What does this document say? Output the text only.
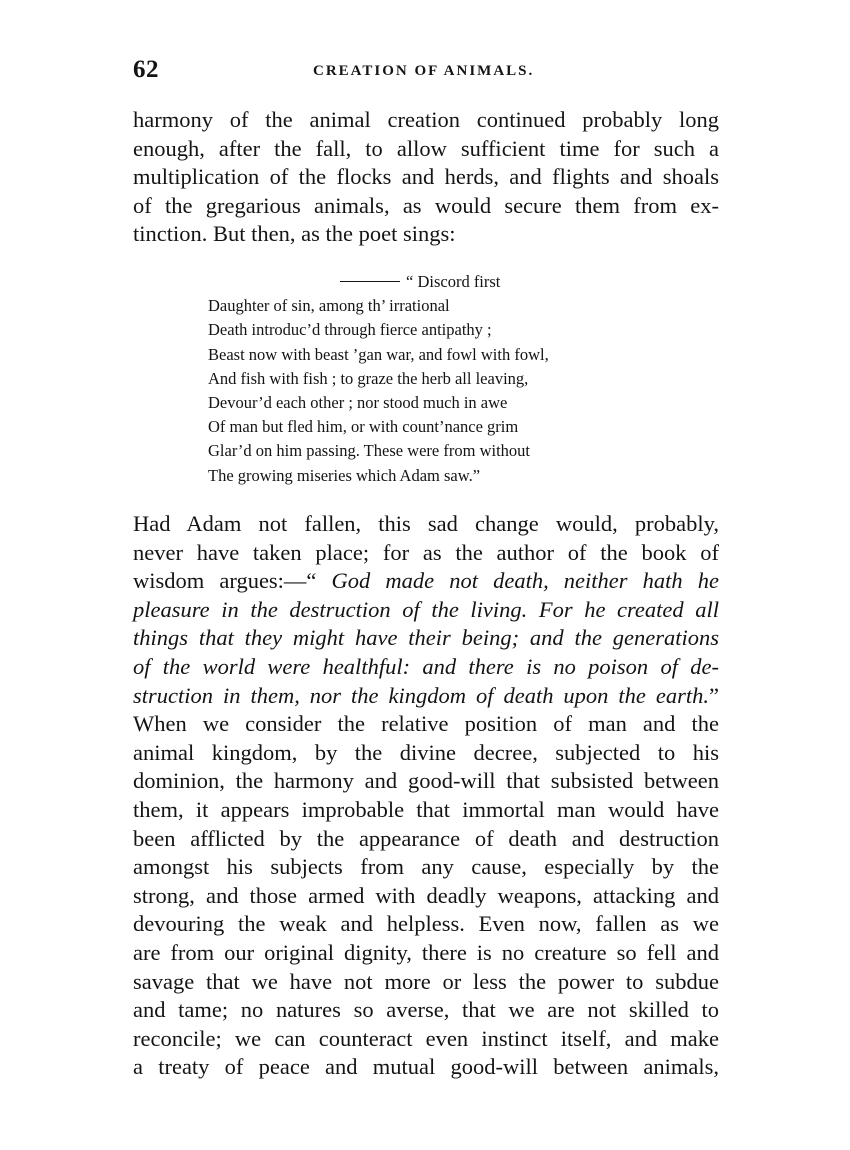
62	CREATION OF ANIMALS.
harmony of the animal creation continued probably long
enough, after the fall, to allow sufficient time for such a
multiplication of the flocks and herds, and flights and shoals
of the gregarious animals, as would secure them from ex-
tinction. But then, as the poet sings:
“ Discord first
Daughter of sin, among th’ irrational
Death introduc’d through fierce antipathy ;
Beast now with beast ’gan war, and fowl with fowl,
And fish with fish ; to graze the herb all leaving,
Devour’d each other ; nor stood much in awe
Of man but fled him, or with count’nance grim
Glar’d on him passing. These were from without
The growing miseries which Adam saw.”
Had Adam not fallen, this sad change would, probably,
never have taken place; for as the author of the book of
wisdom argues:—“ God made not death, neither hath he
pleasure in the destruction of the living. For he created all
things that they might have their being; and the generations
of the world were healthful: and there is no poison of de-
struction in them, nor the kingdom of death upon the earth.”
When we consider the relative position of man and the
animal kingdom, by the divine decree, subjected to his
dominion, the harmony and good-will that subsisted between
them, it appears improbable that immortal man would have
been afflicted by the appearance of death and destruction
amongst his subjects from any cause, especially by the
strong, and those armed with deadly weapons, attacking and
devouring the weak and helpless. Even now, fallen as we
are from our original dignity, there is no creature so fell and
savage that we have not more or less the power to subdue
and tame; no natures so averse, that we are not skilled to
reconcile; we can counteract even instinct itself, and make
a treaty of peace and mutual good-will between animals,
